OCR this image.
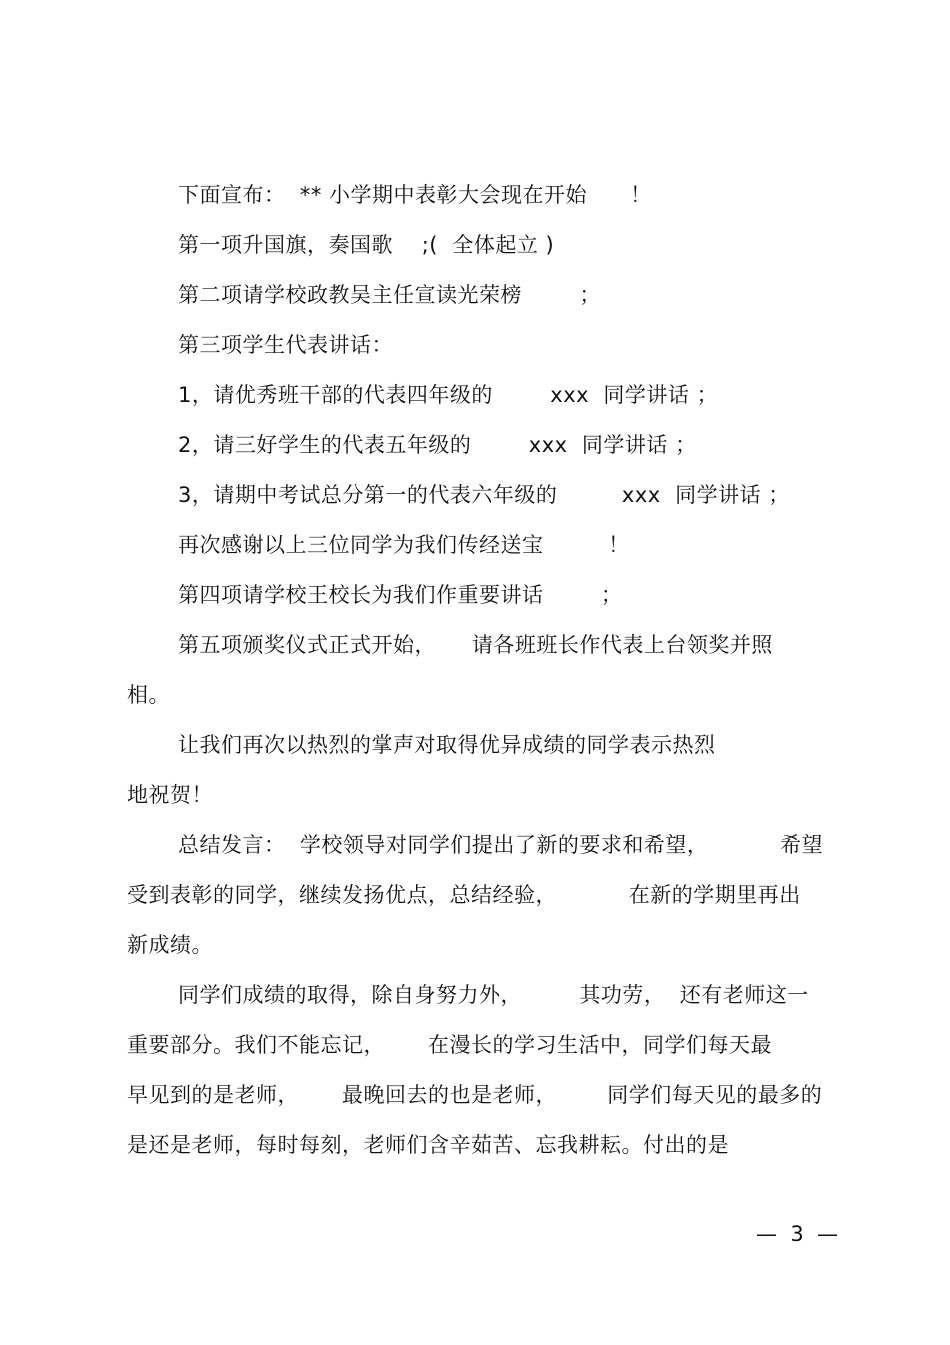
下面宣布：  ** 小学期中表彰大会现在开始      ！
第一项升国旗，奏国歌    ;(  全体起立 )
第二项请学校政教吴主任宣读光荣榜        ；
第三项学生代表讲话：
1，请优秀班干部的代表四年级的        xxx  同学讲话 ；
2，请三好学生的代表五年级的        xxx  同学讲话 ；
3，请期中考试总分第一的代表六年级的         xxx  同学讲话 ；
再次感谢以上三位同学为我们传经送宝         ！
第四项请学校王校长为我们作重要讲话        ；
第五项颁奖仪式正式开始，     请各班班长作代表上台领奖并照
相。
让我们再次以热烈的掌声对取得优异成绩的同学表示热烈
地祝贺！
总结发言：  学校领导对同学们提出了新的要求和希望，          希望
受到表彰的同学，继续发扬优点，总结经验，          在新的学期里再出
新成绩。
同学们成绩的取得，除自身努力外，        其功劳，  还有老师这一
重要部分。我们不能忘记，      在漫长的学习生活中，同学们每天最
早见到的是老师，      最晚回去的也是老师，       同学们每天见的最多的
是还是老师，每时每刻，老师们含辛茹苦、忘我耕耘。付出的是
—  3  —
